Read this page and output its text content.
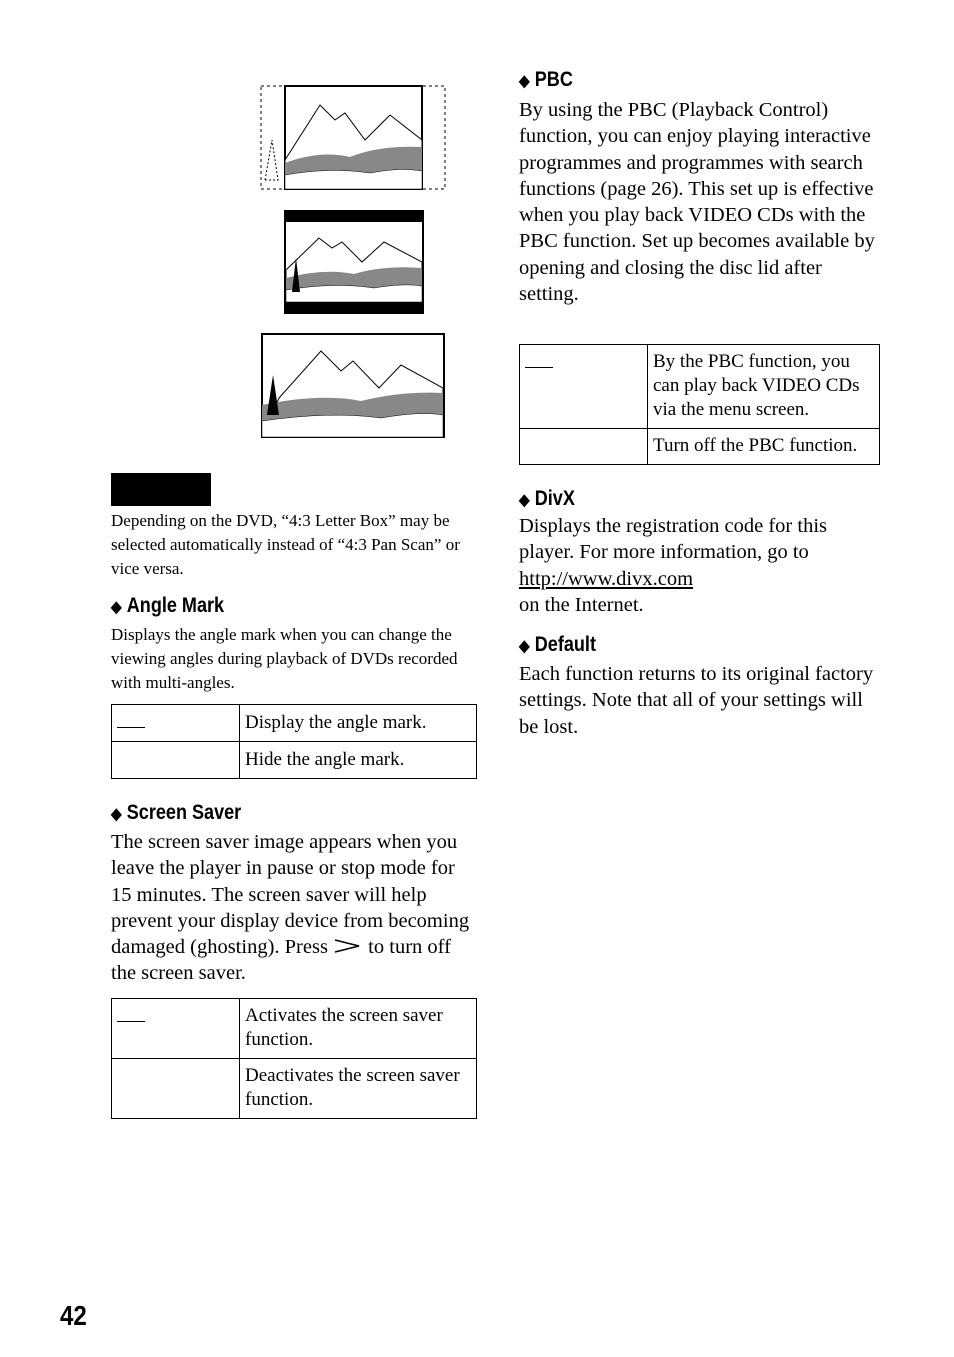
Depending on the DVD, “4:3 Letter Box” may be selected automatically instead of “4:3 Pan Scan” or vice versa.

◆ Angle Mark

Displays the angle mark when you can change the viewing angles during playback of DVDs recorded with multi-angles.

	Display the angle mark.
	Hide the angle mark.
◆ Screen Saver

The screen saver image appears when you leave the player in pause or stop mode for 15 minutes. The screen saver will help prevent your display device from becoming damaged (ghosting). Press to turn off the screen saver.

	Activates the screen saver function.
	Deactivates the screen saver function.
◆ PBC

By using the PBC (Playback Control) function, you can enjoy playing interactive programmes and programmes with search functions (page 26). This set up is effective when you play back VIDEO CDs with the PBC function. Set up becomes available by opening and closing the disc lid after setting.

	By the PBC function, you can play back VIDEO CDs via the menu screen.
	Turn off the PBC function.
◆ DivX

Displays the registration code for this player. For more information, go to

http://www.divx.com

on the Internet.

◆ Default

Each function returns to its original factory settings. Note that all of your settings will be lost.

42
